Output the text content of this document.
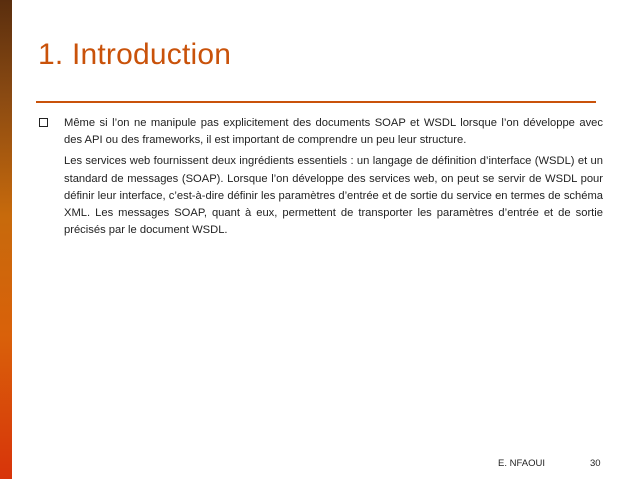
1. Introduction

Même si l’on ne manipule pas explicitement des documents SOAP et WSDL lorsque l’on développe avec des API ou des frameworks, il est important de comprendre un peu leur structure.

Les services web fournissent deux ingrédients essentiels : un langage de définition d’interface (WSDL) et un standard de messages (SOAP). Lorsque l’on développe des services web, on peut se servir de WSDL pour définir leur interface, c’est-à-dire définir les paramètres d’entrée et de sortie du service en termes de schéma XML. Les messages SOAP, quant à eux, permettent de transporter les paramètres d’entrée et de sortie précisés par le document WSDL.

E. NFAOUI	30
